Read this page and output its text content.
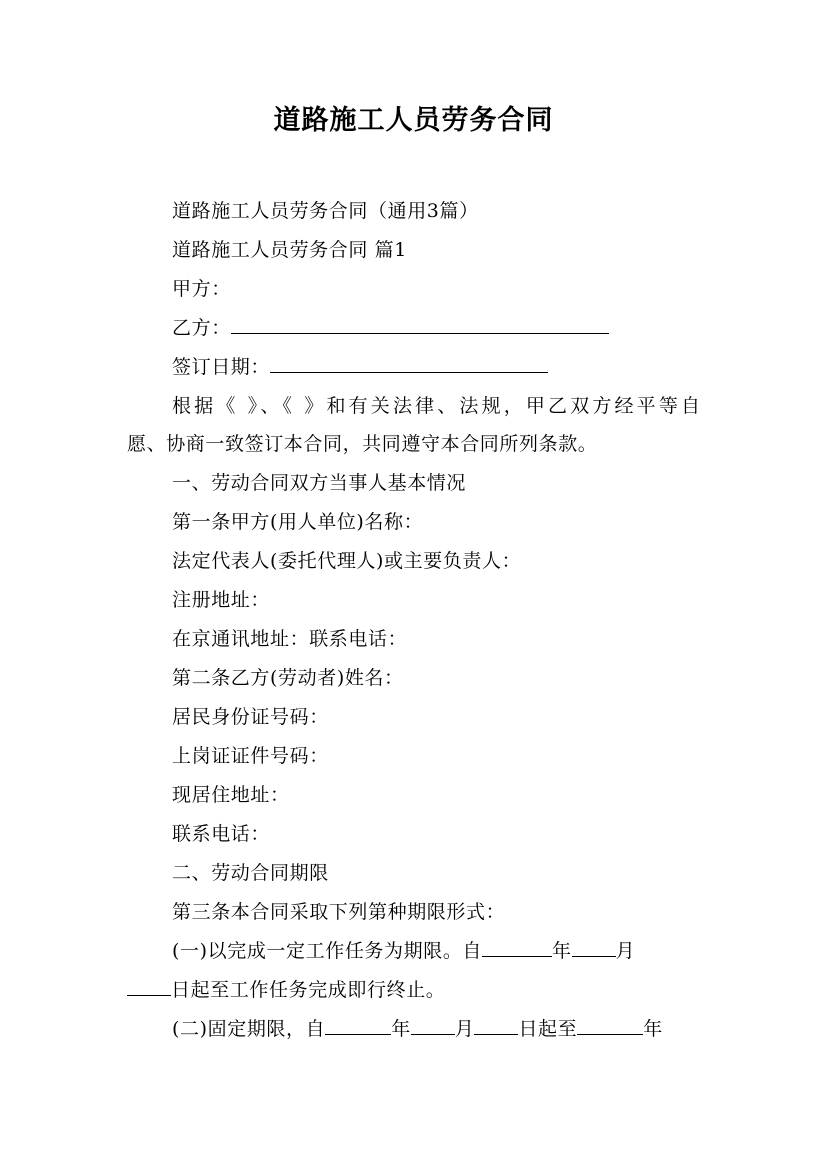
道路施工人员劳务合同
道路施工人员劳务合同（通用3篇）
道路施工人员劳务合同 篇1
甲方：
乙方：
签订日期：
根据《 》、《 》和有关法律、法规，甲乙双方经平等自
愿、协商一致签订本合同，共同遵守本合同所列条款。
一、劳动合同双方当事人基本情况
第一条甲方(用人单位)名称：
法定代表人(委托代理人)或主要负责人：
注册地址：
在京通讯地址：联系电话：
第二条乙方(劳动者)姓名：
居民身份证号码：
上岗证证件号码：
现居住地址：
联系电话：
二、劳动合同期限
第三条本合同采取下列第种期限形式：
(一)以完成一定工作任务为期限。自	年 月
日起至工作任务完成即行终止。
(二)固定期限，自	年 月 日起至	年
